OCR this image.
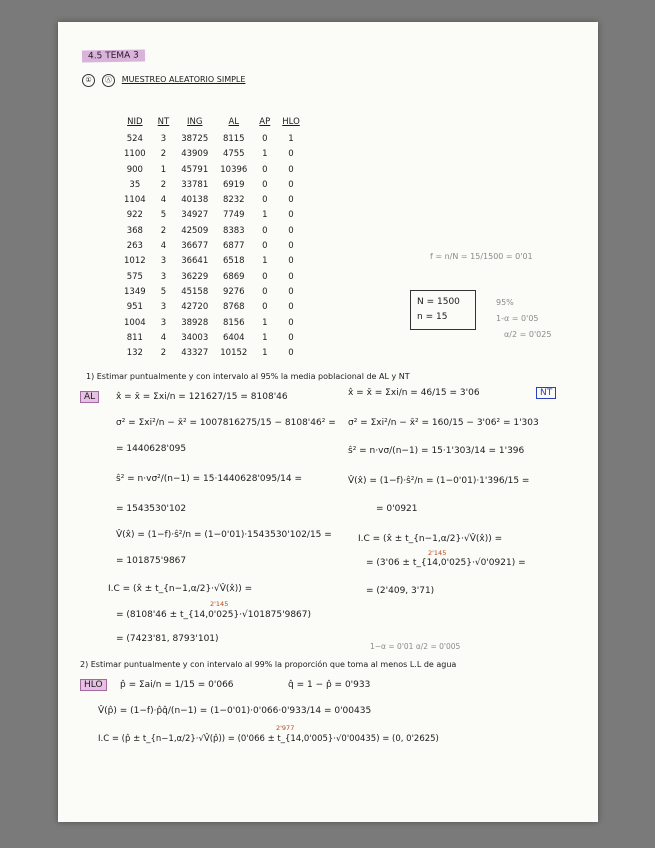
4.5 TEMA 3
① Ⓐ MUESTREO ALEATORIO SIMPLE
NID	NT	ING	AL	AP	HLO
524	3	38725	8115	0	1
1100	2	43909	4755	1	0
900	1	45791	10396	0	0
35	2	33781	6919	0	0
1104	4	40138	8232	0	0
922	5	34927	7749	1	0
368	2	42509	8383	0	0
263	4	36677	6877	0	0
1012	3	36641	6518	1	0
575	3	36229	6869	0	0
1349	5	45158	9276	0	0
951	3	42720	8768	0	0
1004	3	38928	8156	1	0
811	4	34003	6404	1	0
132	2	43327	10152	1	0
f = n/N = 15/1500 = 0'01
N = 1500
n = 15
95%
1-α = 0'05
α/2 = 0'025
1) Estimar puntualmente y con intervalo al 95% la media poblacional de AL y NT
AL	x̂ = x̄ = Σxi/n = 121627/15 = 8108'46
σ² = Σxi²/n − x̄² = 1007816275/15 − 8108'46² =
= 1440628'095
ŝ² = n·vσ²/(n−1) = 15·1440628'095/14 =
= 1543530'102
V̂(x̂) = (1−f)·ŝ²/n = (1−0'01)·1543530'102/15 =
= 101875'9867
I.C = (x̂ ± t_{n−1,α/2}·√V̂(x̂)) =
2'145
= (8108'46 ± t_{14,0'025}·√101875'9867)
= (7423'81, 8793'101)
x̂ = x̄ = Σxi/n = 46/15 = 3'06	NT
σ² = Σxi²/n − x̄² = 160/15 − 3'06² = 1'303
ŝ² = n·vσ/(n−1) = 15·1'303/14 = 1'396
V̂(x̂) = (1−f)·ŝ²/n = (1−0'01)·1'396/15 =
= 0'0921
I.C = (x̂ ± t_{n−1,α/2}·√V̂(x̂)) =
2'145
= (3'06 ± t_{14,0'025}·√0'0921) =
= (2'409, 3'71)
1−α = 0'01 α/2 = 0'005
2) Estimar puntualmente y con intervalo al 99% la proporción que toma al menos L.L de agua
HLO	p̂ = Σai/n = 1/15 = 0'066	q̂ = 1 − p̂ = 0'933
V̂(p̂) = (1−f)·p̂q̂/(n−1) = (1−0'01)·0'066·0'933/14 = 0'00435
2'977
I.C = (p̂ ± t_{n−1,α/2}·√V̂(p̂)) = (0'066 ± t_{14,0'005}·√0'00435) = (0, 0'2625)
